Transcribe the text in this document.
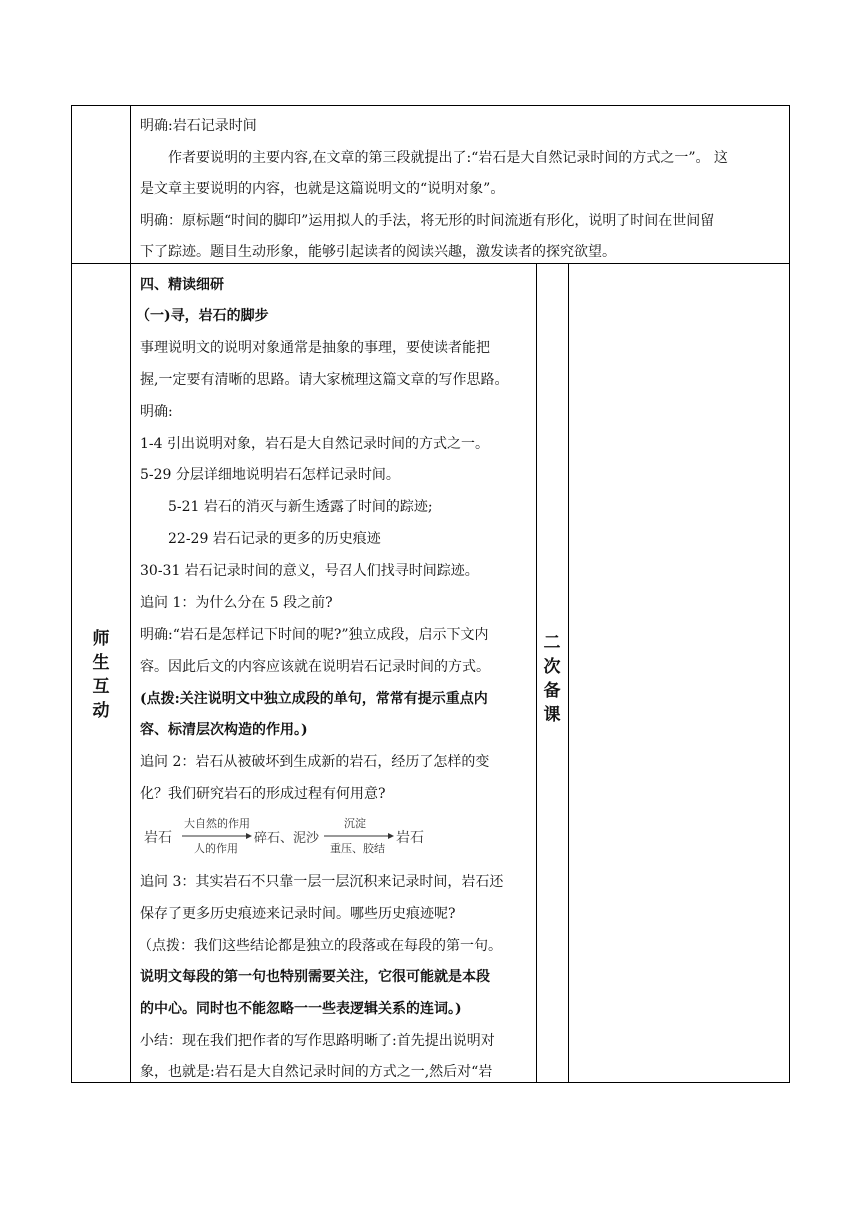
明确:岩石记录时间
作者要说明的主要内容,在文章的第三段就提出了:“岩石是大自然记录时间的方式之一”。 这
是文章主要说明的内容，也就是这篇说明文的“说明对象”。
明确：原标题“时间的脚印”运用拟人的手法，将无形的时间流逝有形化，说明了时间在世间留
下了踪迹。题目生动形象，能够引起读者的阅读兴趣，激发读者的探究欲望。
师
生
互
动
二
次
备
课
四、精读细研
（一)寻，岩石的脚步
事理说明文的说明对象通常是抽象的事理，要使读者能把
握,一定要有清晰的思路。请大家梳理这篇文章的写作思路。
明确:
1-4 引出说明对象，岩石是大自然记录时间的方式之一。
5-29 分层详细地说明岩石怎样记录时间。
5-21 岩石的消灭与新生透露了时间的踪迹;
22-29 岩石记录的更多的历史痕迹
30-31 岩石记录时间的意义，号召人们找寻时间踪迹。
追问 1：为什么分在 5 段之前?
明确:“岩石是怎样记下时间的呢?”独立成段，启示下文内
容。因此后文的内容应该就在说明岩石记录时间的方式。
(点拨:关注说明文中独立成段的单句，常常有提示重点内
容、标清层次构造的作用。)
追问 2：岩石从被破坏到生成新的岩石，经历了怎样的变
化？我们研究岩石的形成过程有何用意?
岩石
大自然的作用
人的作用
碎石、泥沙
沉淀
重压、胶结
岩石
追问 3：其实岩石不只靠一层一层沉积来记录时间，岩石还
保存了更多历史痕迹来记录时间。哪些历史痕迹呢?
（点拨：我们这些结论都是独立的段落或在每段的第一句。
说明文每段的第一句也特别需要关注，它很可能就是本段
的中心。同时也不能忽略一一些表逻辑关系的连词。)
小结：现在我们把作者的写作思路明晰了:首先提出说明对
象，也就是:岩石是大自然记录时间的方式之一,然后对“岩
